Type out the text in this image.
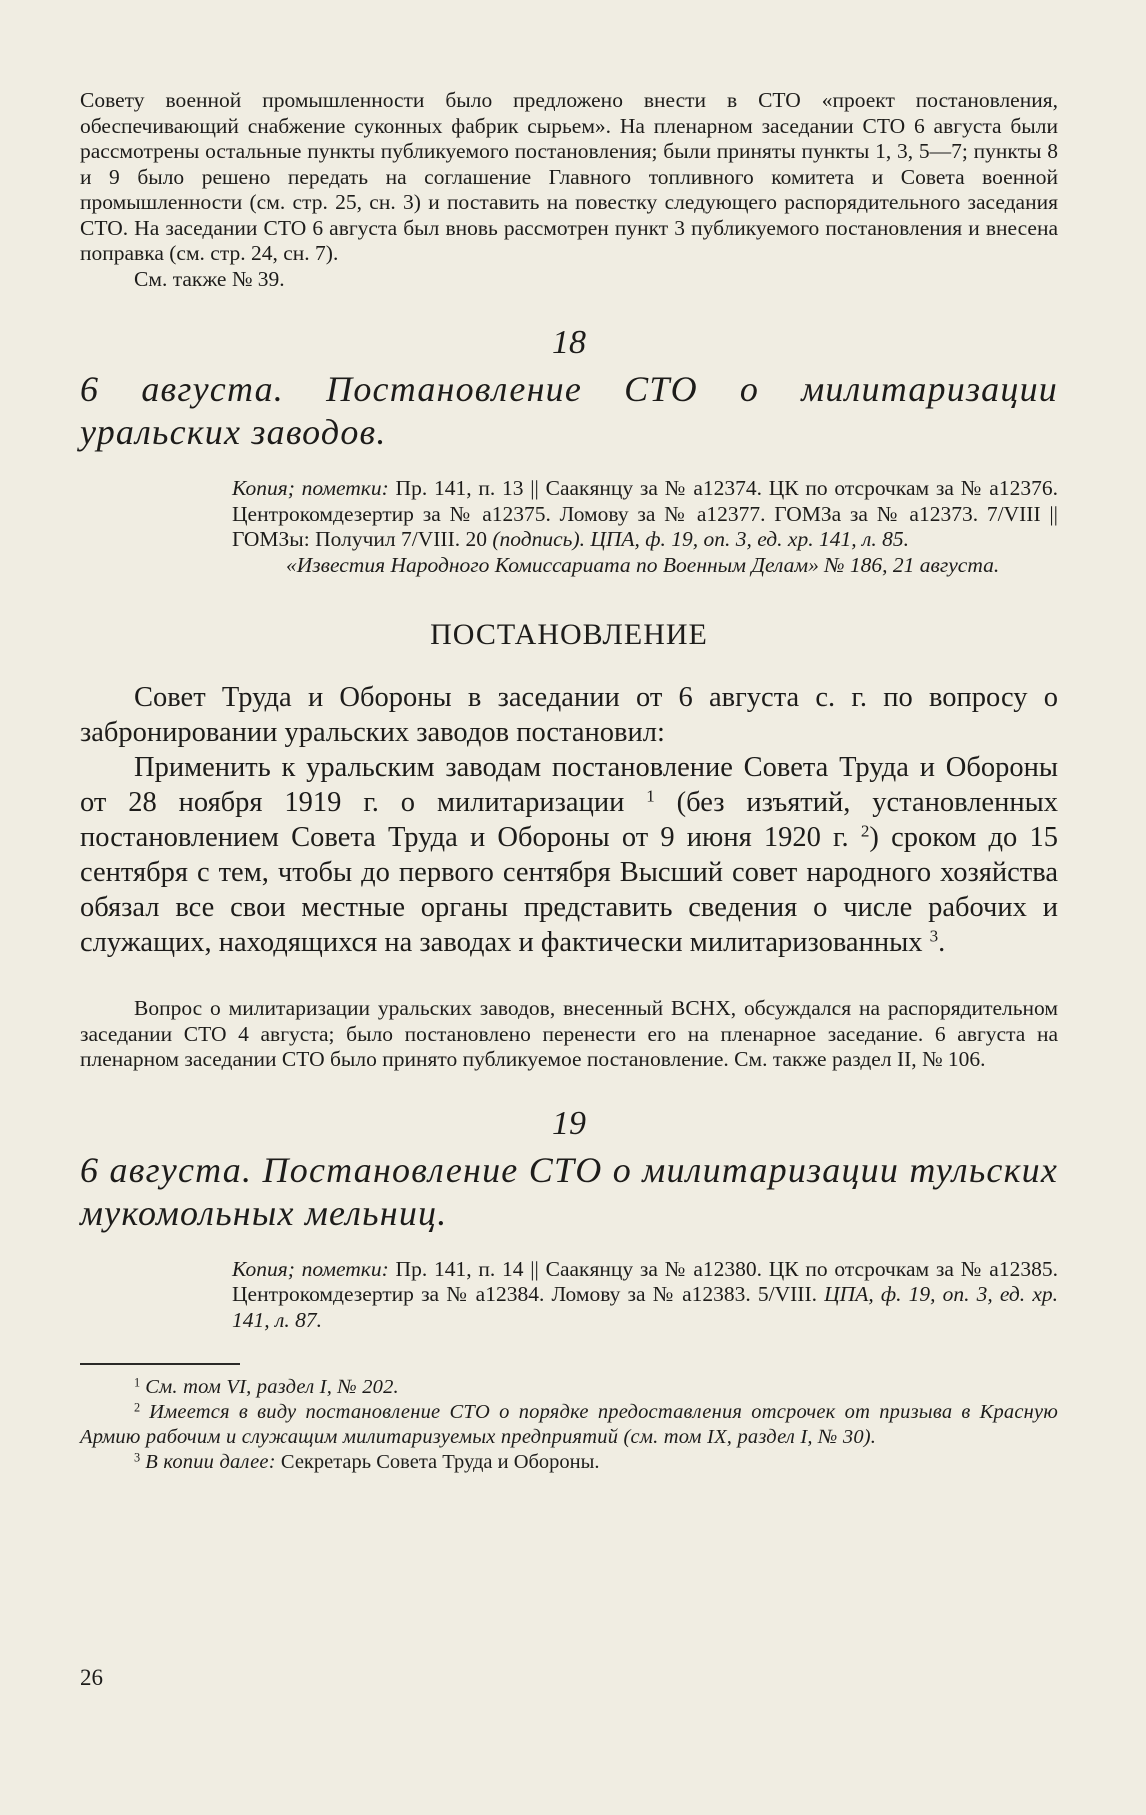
Совету военной промышленности было предложено внести в СТО «проект постановления, обеспечивающий снабжение суконных фабрик сырьем». На пленарном заседании СТО 6 августа были рассмотрены остальные пункты публикуемого постановления; были приняты пункты 1, 3, 5—7; пункты 8 и 9 было решено передать на соглашение Главного топливного комитета и Совета военной промышленности (см. стр. 25, сн. 3) и поставить на повестку следующего распорядительного заседания СТО. На заседании СТО 6 августа был вновь рассмотрен пункт 3 публикуемого постановления и внесена поправка (см. стр. 24, сн. 7).

См. также № 39.

18

6 августа. Постановление СТО о милитаризации уральских заводов.

Копия; пометки: Пр. 141, п. 13 || Саакянцу за № а12374. ЦК по отсрочкам за № а12376. Центрокомдезертир за № а12375. Ломову за № а12377. ГОМЗа за № а12373. 7/VIII || ГОМЗы: Получил 7/VIII. 20 (подпись). ЦПА, ф. 19, оп. 3, ед. хр. 141, л. 85.

«Известия Народного Комиссариата по Военным Делам» № 186, 21 августа.

ПОСТАНОВЛЕНИЕ

Совет Труда и Обороны в заседании от 6 августа с. г. по вопросу о забронировании уральских заводов постановил:

Применить к уральским заводам постановление Совета Труда и Обороны от 28 ноября 1919 г. о милитаризации $^1$ (без изъятий, установленных постановлением Совета Труда и Обороны от 9 июня 1920 г. $^2$) сроком до 15 сентября с тем, чтобы до первого сентября Высший совет народного хозяйства обязал все свои местные органы представить сведения о числе рабочих и служащих, находящихся на заводах и фактически милитаризованных $^3$.

Вопрос о милитаризации уральских заводов, внесенный ВСНХ, обсуждался на распорядительном заседании СТО 4 августа; было постановлено перенести его на пленарное заседание. 6 августа на пленарном заседании СТО было принято публикуемое постановление. См. также раздел II, № 106.

19

6 августа. Постановление СТО о милитаризации тульских мукомольных мельниц.

Копия; пометки: Пр. 141, п. 14 || Саакянцу за № а12380. ЦК по отсрочкам за № а12385. Центрокомдезертир за № а12384. Ломову за № а12383. 5/VIII. ЦПА, ф. 19, оп. 3, ед. хр. 141, л. 87.

$^1$ См. том VI, раздел I, № 202.

$^2$ Имеется в виду постановление СТО о порядке предоставления отсрочек от призыва в Красную Армию рабочим и служащим милитаризуемых предприятий (см. том IX, раздел I, № 30).

$^3$ В копии далее: Секретарь Совета Труда и Обороны.

26
